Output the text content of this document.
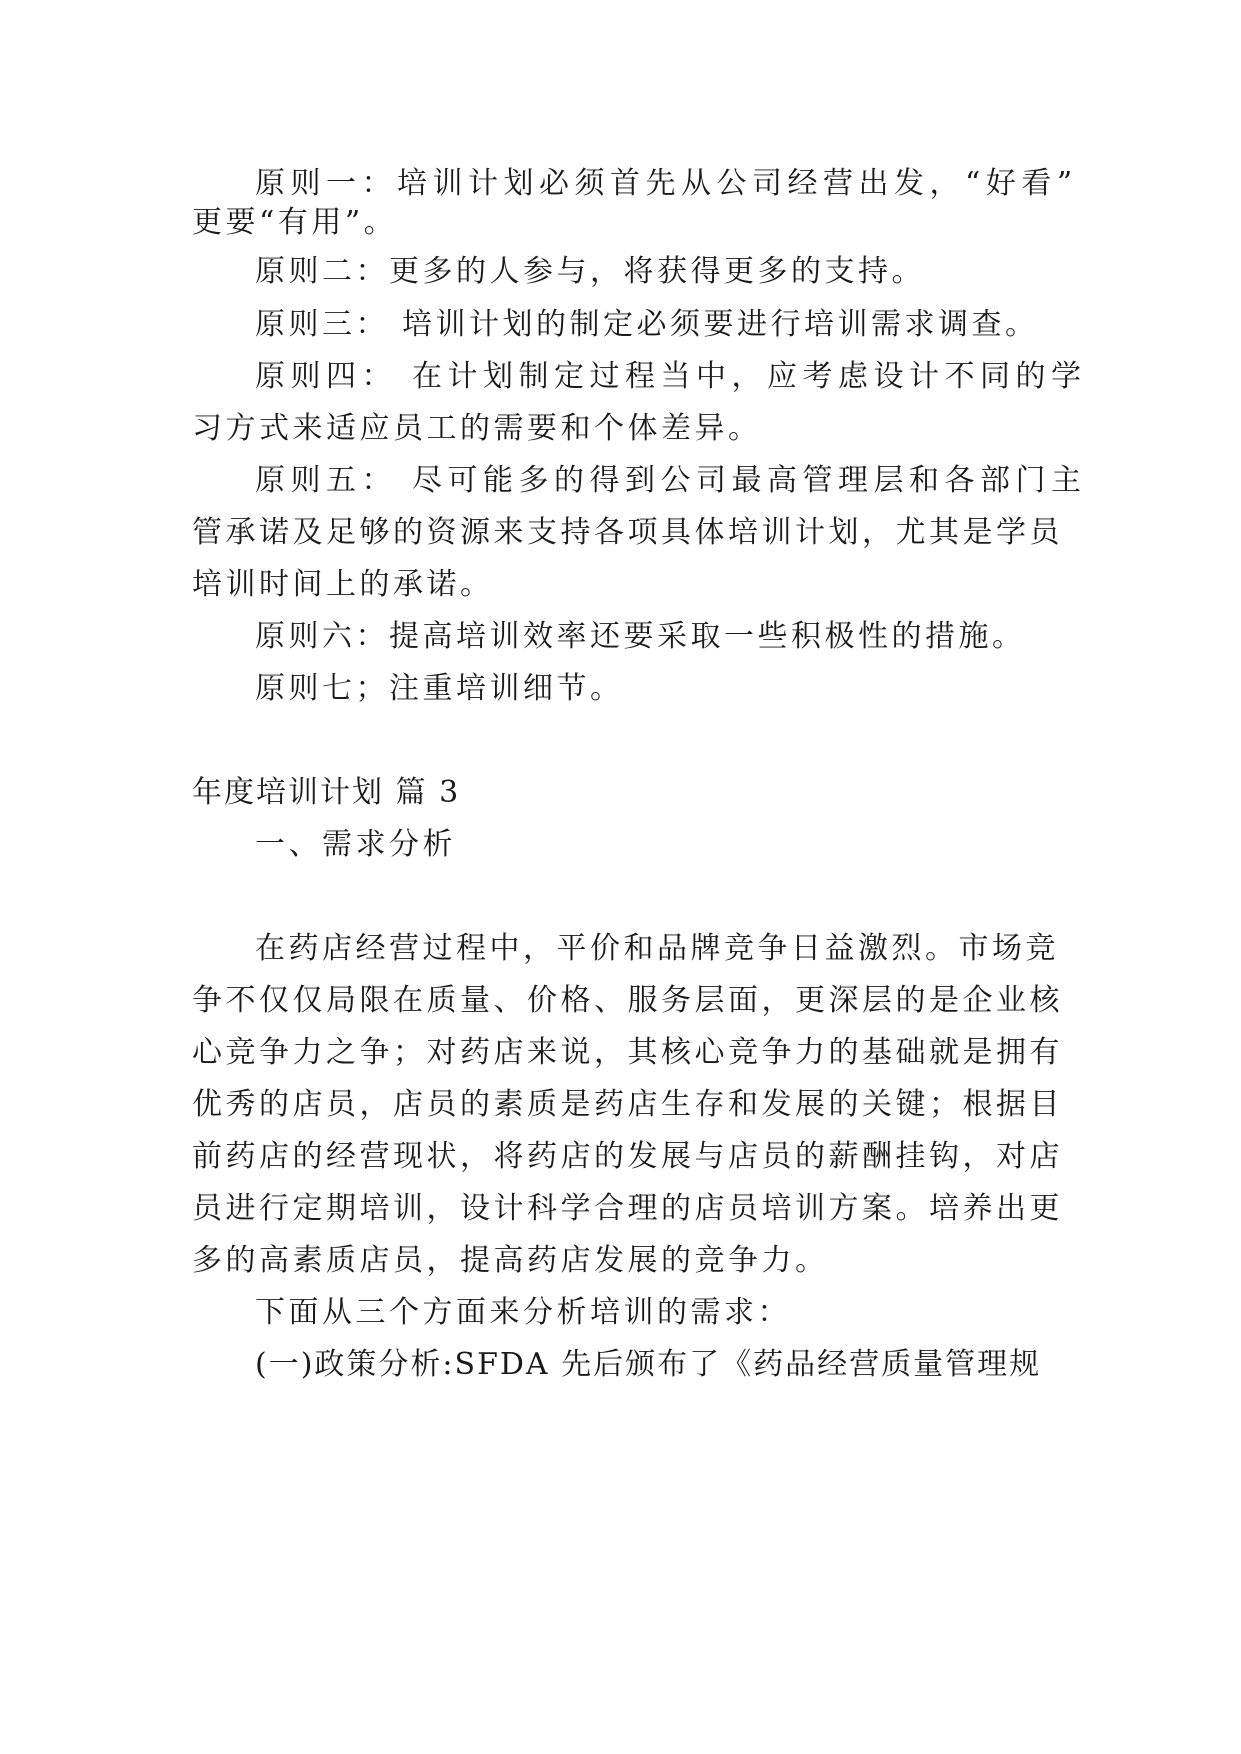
原则一：培训计划必须首先从公司经营出发，“好看”
更要“有用”。
原则二：更多的人参与，将获得更多的支持。
原则三： 培训计划的制定必须要进行培训需求调查。
原则四： 在计划制定过程当中，应考虑设计不同的学
习方式来适应员工的需要和个体差异。
原则五： 尽可能多的得到公司最高管理层和各部门主
管承诺及足够的资源来支持各项具体培训计划，尤其是学员
培训时间上的承诺。
原则六：提高培训效率还要采取一些积极性的措施。
原则七；注重培训细节。
年度培训计划 篇 3
一、需求分析
在药店经营过程中，平价和品牌竞争日益激烈。市场竞
争不仅仅局限在质量、价格、服务层面，更深层的是企业核
心竞争力之争；对药店来说，其核心竞争力的基础就是拥有
优秀的店员，店员的素质是药店生存和发展的关键；根据目
前药店的经营现状，将药店的发展与店员的薪酬挂钩，对店
员进行定期培训，设计科学合理的店员培训方案。培养出更
多的高素质店员，提高药店发展的竞争力。
下面从三个方面来分析培训的需求：
(一)政策分析:SFDA 先后颁布了《药品经营质量管理规
